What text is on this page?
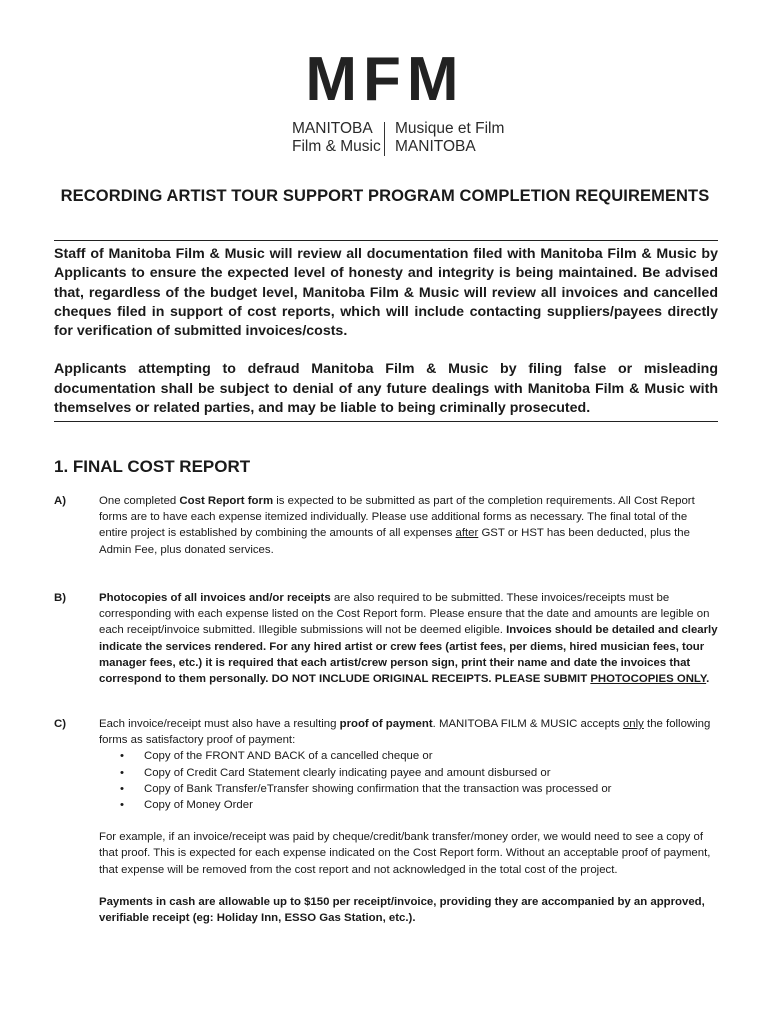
MFM
MANITOBA
Film & Music
Musique et Film
MANITOBA
RECORDING ARTIST TOUR SUPPORT PROGRAM COMPLETION REQUIREMENTS

Staff of Manitoba Film & Music will review all documentation filed with Manitoba Film & Music by Applicants to ensure the expected level of honesty and integrity is being maintained. Be advised that, regardless of the budget level, Manitoba Film & Music will review all invoices and cancelled cheques filed in support of cost reports, which will include contacting suppliers/payees directly for verification of submitted invoices/costs.

Applicants attempting to defraud Manitoba Film & Music by filing false or misleading documentation shall be subject to denial of any future dealings with Manitoba Film & Music with themselves or related parties, and may be liable to being criminally prosecuted.

1. FINAL COST REPORT
A)	One completed Cost Report form is expected to be submitted as part of the completion requirements. All Cost Report forms are to have each expense itemized individually. Please use additional forms as necessary. The final total of the entire project is established by combining the amounts of all expenses after GST or HST has been deducted, plus the Admin Fee, plus donated services.

B)	Photocopies of all invoices and/or receipts are also required to be submitted. These invoices/receipts must be corresponding with each expense listed on the Cost Report form. Please ensure that the date and amounts are legible on each receipt/invoice submitted. Illegible submissions will not be deemed eligible. Invoices should be detailed and clearly indicate the services rendered. For any hired artist or crew fees (artist fees, per diems, hired musician fees, tour manager fees, etc.) it is required that each artist/crew person sign, print their name and date the invoices that correspond to them personally. DO NOT INCLUDE ORIGINAL RECEIPTS. PLEASE SUBMIT PHOTOCOPIES ONLY.

C)	Each invoice/receipt must also have a resulting proof of payment. MANITOBA FILM & MUSIC accepts only the following forms as satisfactory proof of payment:

• Copy of the FRONT AND BACK of a cancelled cheque or
• Copy of Credit Card Statement clearly indicating payee and amount disbursed or
• Copy of Bank Transfer/eTransfer showing confirmation that the transaction was processed or
• Copy of Money Order

For example, if an invoice/receipt was paid by cheque/credit/bank transfer/money order, we would need to see a copy of that proof. This is expected for each expense indicated on the Cost Report form. Without an acceptable proof of payment, that expense will be removed from the cost report and not acknowledged in the total cost of the project.

Payments in cash are allowable up to $150 per receipt/invoice, providing they are accompanied by an approved, verifiable receipt (eg: Holiday Inn, ESSO Gas Station, etc.).
